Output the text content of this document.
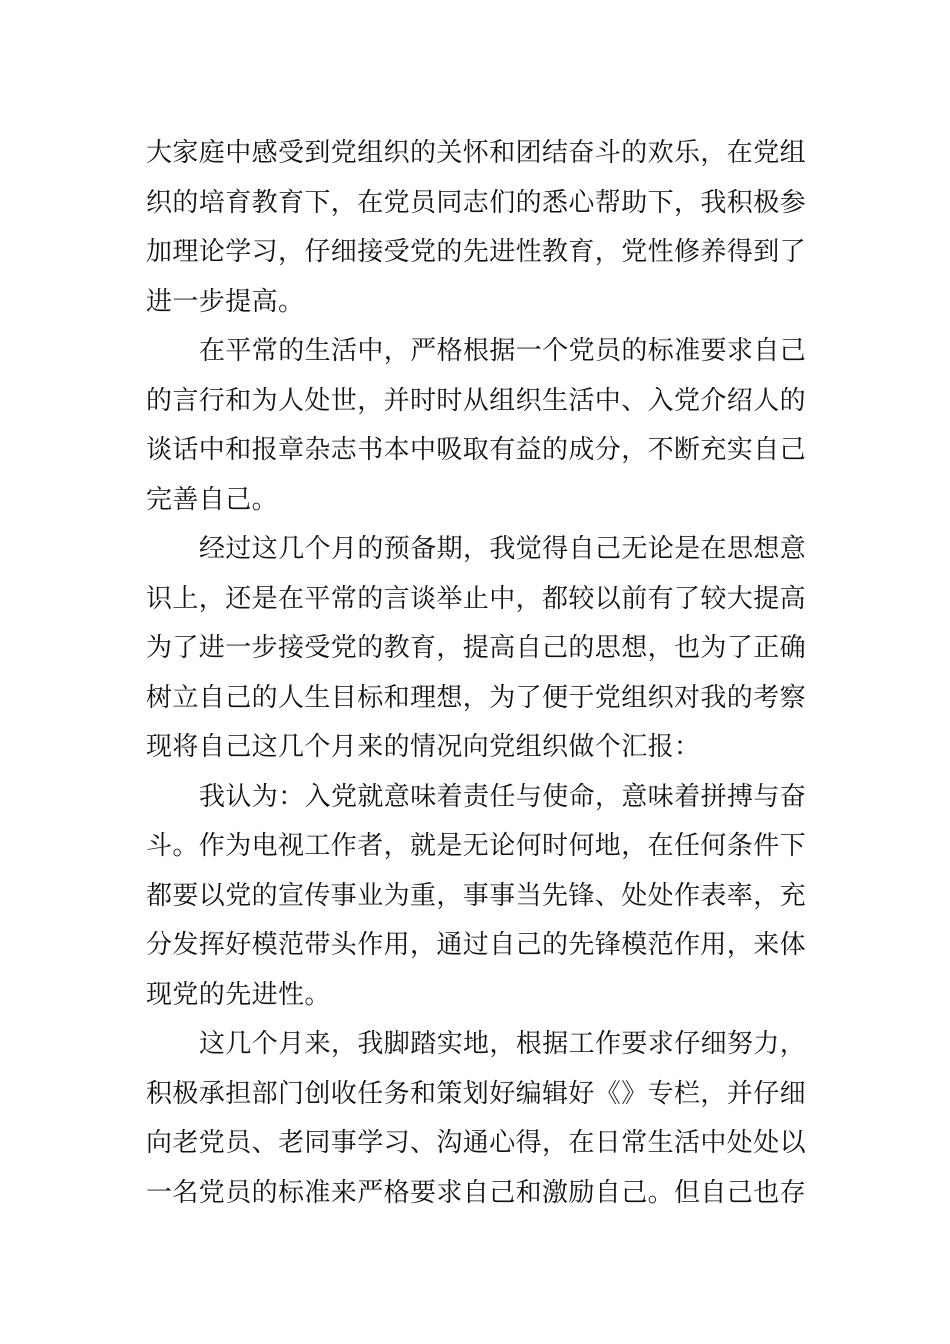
大家庭中感受到党组织的关怀和团结奋斗的欢乐，在党组
织的培育教育下，在党员同志们的悉心帮助下，我积极参
加理论学习，仔细接受党的先进性教育，党性修养得到了
进一步提高。
在平常的生活中，严格根据一个党员的标准要求自己
的言行和为人处世，并时时从组织生活中、入党介绍人的
谈话中和报章杂志书本中吸取有益的成分，不断充实自己
完善自己。
经过这几个月的预备期，我觉得自己无论是在思想意
识上，还是在平常的言谈举止中，都较以前有了较大提高
为了进一步接受党的教育，提高自己的思想，也为了正确
树立自己的人生目标和理想，为了便于党组织对我的考察
现将自己这几个月来的情况向党组织做个汇报：
我认为：入党就意味着责任与使命，意味着拼搏与奋
斗。作为电视工作者，就是无论何时何地，在任何条件下
都要以党的宣传事业为重，事事当先锋、处处作表率，充
分发挥好模范带头作用，通过自己的先锋模范作用，来体
现党的先进性。
这几个月来，我脚踏实地，根据工作要求仔细努力，
积极承担部门创收任务和策划好编辑好《》专栏，并仔细
向老党员、老同事学习、沟通心得，在日常生活中处处以
一名党员的标准来严格要求自己和激励自己。但自己也存
